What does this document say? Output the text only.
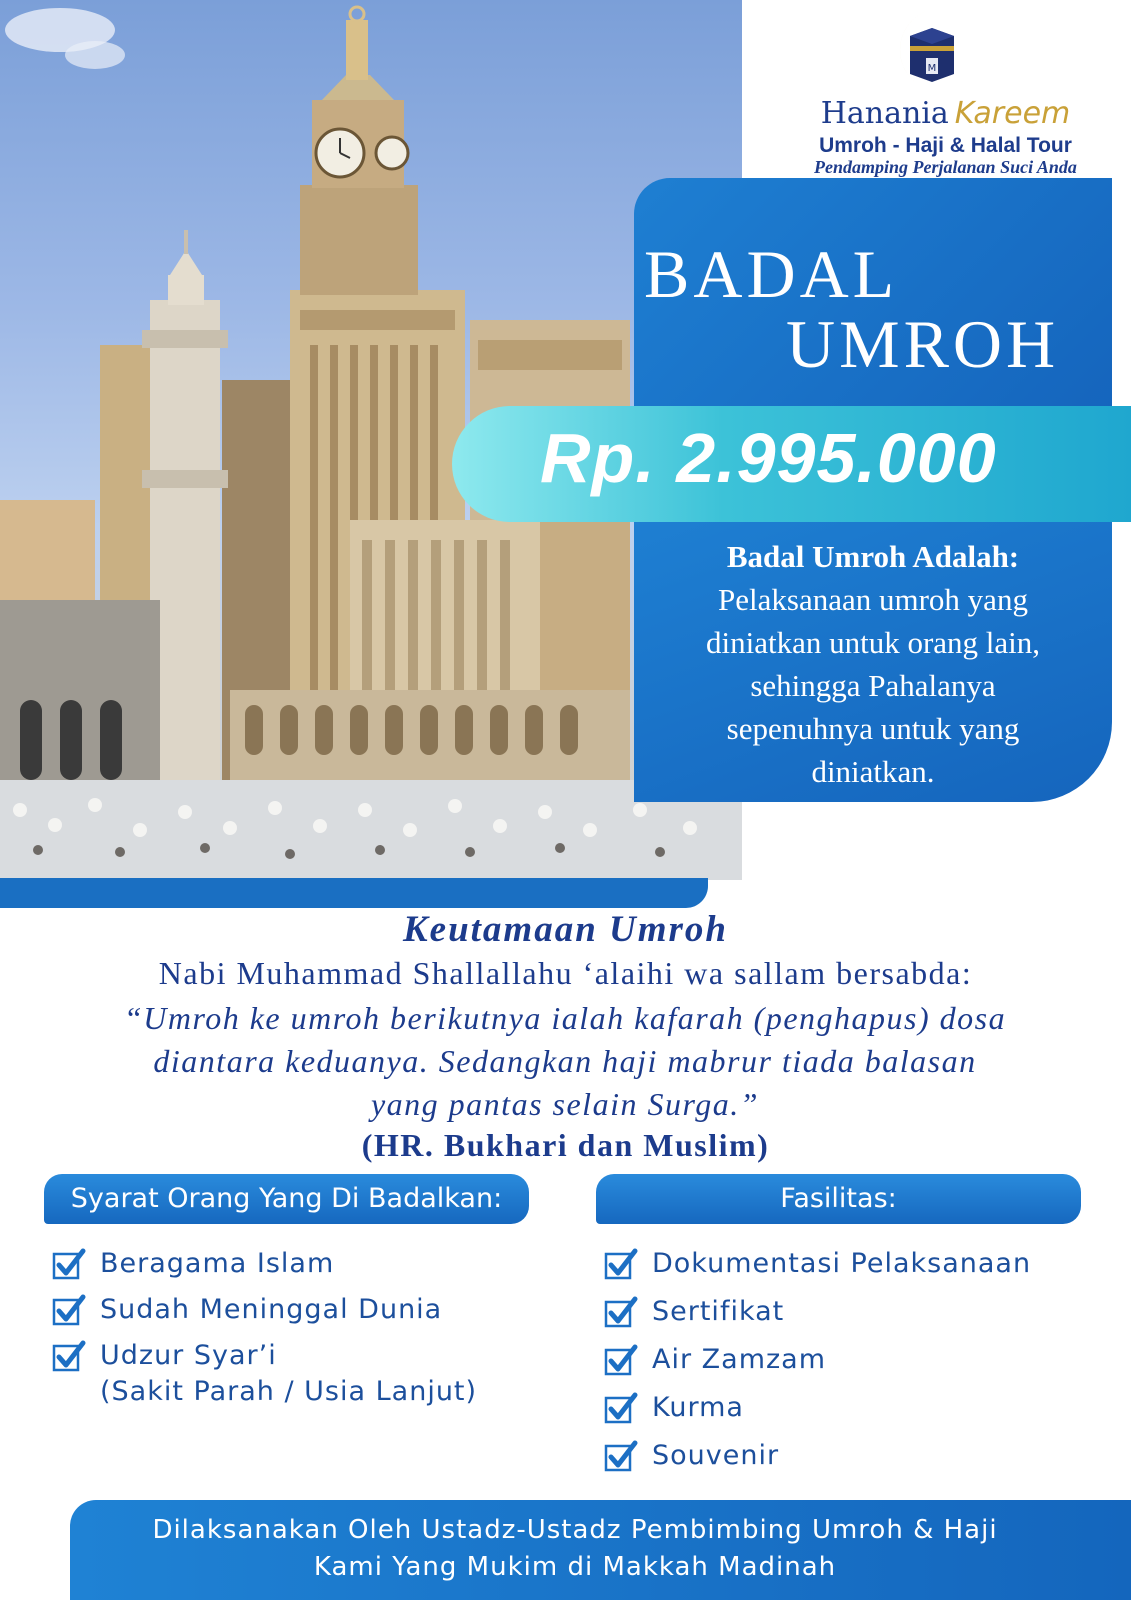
M
Hanania Kareem
Umroh - Haji & Halal Tour
Pendamping Perjalanan Suci Anda
BADAL
UMROH
Rp. 2.995.000
Badal Umroh Adalah:
Pelaksanaan umroh yang
diniatkan untuk orang lain,
sehingga Pahalanya
sepenuhnya untuk yang
diniatkan.
Keutamaan Umroh
Nabi Muhammad Shallallahu ‘alaihi wa sallam bersabda:
“Umroh ke umroh berikutnya ialah kafarah (penghapus) dosa
diantara keduanya. Sedangkan haji mabrur tiada balasan
yang pantas selain Surga.”
(HR. Bukhari dan Muslim)
Syarat Orang Yang Di Badalkan:	Fasilitas:
Beragama Islam
Sudah Meninggal Dunia
Udzur Syar’i
(Sakit Parah / Usia Lanjut)
Dokumentasi Pelaksanaan
Sertifikat
Air Zamzam
Kurma
Souvenir
Dilaksanakan Oleh Ustadz-Ustadz Pembimbing Umroh & Haji
Kami Yang Mukim di Makkah Madinah
